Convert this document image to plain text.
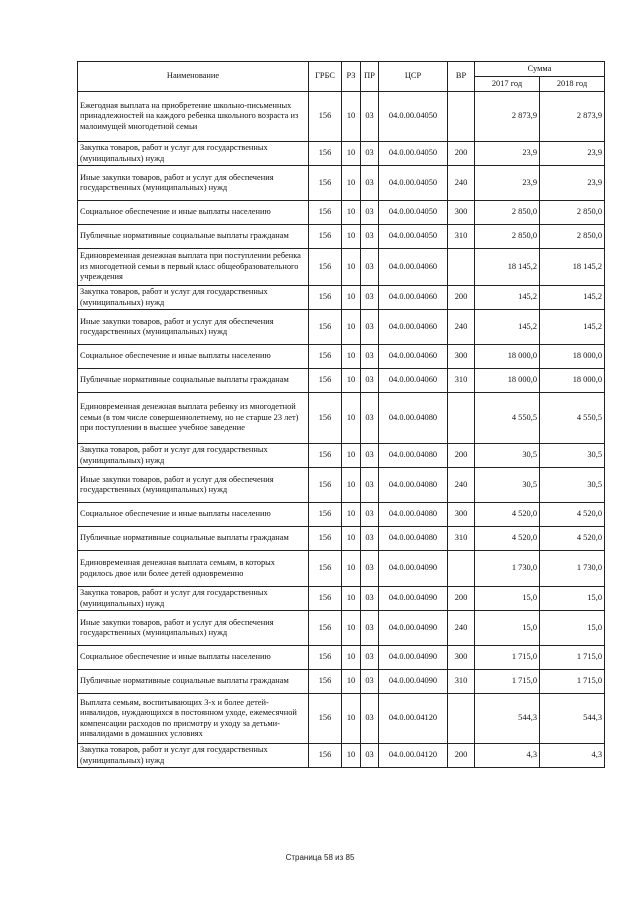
Наименование	ГРБС	РЗ	ПР	ЦСР	ВР	Сумма	
						2017 год	2018 год
Ежегодная выплата на приобретение школьно-письменных принадлежностей на каждого ребенка школьного возраста из малоимущей многодетной семьи	156	10	03	04.0.00.04050		2 873,9	2 873,9
Закупка товаров, работ и услуг для государственных (муниципальных) нужд	156	10	03	04.0.00.04050	200	23,9	23,9
Иные закупки товаров, работ и услуг для обеспечения государственных (муниципальных) нужд	156	10	03	04.0.00.04050	240	23,9	23,9
Социальное обеспечение и иные выплаты населению	156	10	03	04.0.00.04050	300	2 850,0	2 850,0
Публичные нормативные социальные выплаты гражданам	156	10	03	04.0.00.04050	310	2 850,0	2 850,0
Единовременная денежная выплата при поступлении ребенка из многодетной семьи в первый класс общеобразовательного учреждения	156	10	03	04.0.00.04060		18 145,2	18 145,2
Закупка товаров, работ и услуг для государственных (муниципальных) нужд	156	10	03	04.0.00.04060	200	145,2	145,2
Иные закупки товаров, работ и услуг для обеспечения государственных (муниципальных) нужд	156	10	03	04.0.00.04060	240	145,2	145,2
Социальное обеспечение и иные выплаты населению	156	10	03	04.0.00.04060	300	18 000,0	18 000,0
Публичные нормативные социальные выплаты гражданам	156	10	03	04.0.00.04060	310	18 000,0	18 000,0
Единовременная денежная выплата ребенку из многодетной семьи (в том числе совершеннолетнему, но не старше 23 лет) при поступлении в высшее учебное заведение	156	10	03	04.0.00.04080		4 550,5	4 550,5
Закупка товаров, работ и услуг для государственных (муниципальных) нужд	156	10	03	04.0.00.04080	200	30,5	30,5
Иные закупки товаров, работ и услуг для обеспечения государственных (муниципальных) нужд	156	10	03	04.0.00.04080	240	30,5	30,5
Социальное обеспечение и иные выплаты населению	156	10	03	04.0.00.04080	300	4 520,0	4 520,0
Публичные нормативные социальные выплаты гражданам	156	10	03	04.0.00.04080	310	4 520,0	4 520,0
Единовременная денежная выплата семьям, в которых родилось двое или более детей одновременно	156	10	03	04.0.00.04090		1 730,0	1 730,0
Закупка товаров, работ и услуг для государственных (муниципальных) нужд	156	10	03	04.0.00.04090	200	15,0	15,0
Иные закупки товаров, работ и услуг для обеспечения государственных (муниципальных) нужд	156	10	03	04.0.00.04090	240	15,0	15,0
Социальное обеспечение и иные выплаты населению	156	10	03	04.0.00.04090	300	1 715,0	1 715,0
Публичные нормативные социальные выплаты гражданам	156	10	03	04.0.00.04090	310	1 715,0	1 715,0
Выплата семьям, воспитывающих 3-х и более детей-инвалидов, нуждающихся в постоянном уходе, ежемесячной компенсации расходов по присмотру и уходу за детьми-инвалидами в домашних условиях	156	10	03	04.0.00.04120		544,3	544,3
Закупка товаров, работ и услуг для государственных (муниципальных) нужд	156	10	03	04.0.00.04120	200	4,3	4,3
Страница 58 из 85
